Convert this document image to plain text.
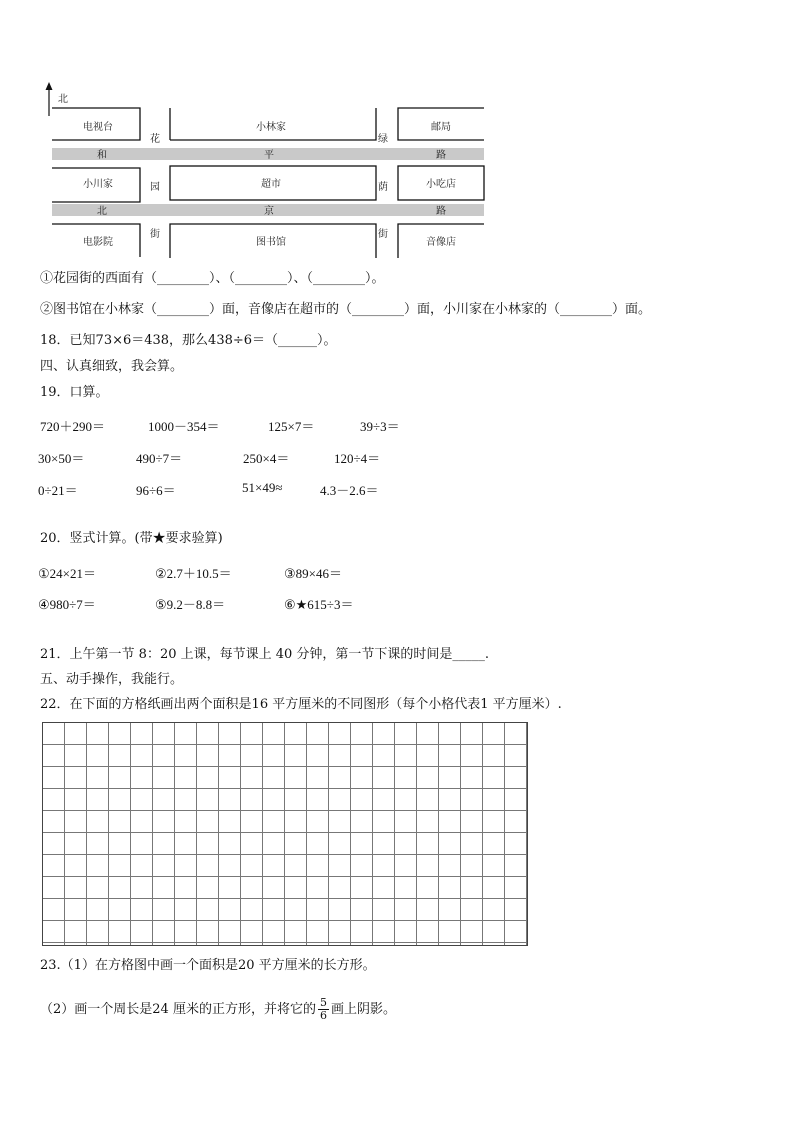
北
和	平	路
北	京	路
花
园
街
绿
荫
街
电视台	小林家	邮局
小川家	超市	小吃店
电影院	图书馆	音像店
①花园街的西面有（________）、（________）、（________）。
②图书馆在小林家（________）面，音像店在超市的（________）面，小川家在小林家的（________）面。
18．已知73×6＝438，那么438÷6＝（______）。
四、认真细致，我会算。
19．口算。
720＋290＝	1000－354＝	125×7＝	39÷3＝
30×50＝	490÷7＝	250×4＝	120÷4＝
0÷21＝	96÷6＝	51×49≈	4.3－2.6＝
20．竖式计算。(带★要求验算)
①24×21＝	②2.7＋10.5＝	③89×46＝
④980÷7＝	⑤9.2－8.8＝	⑥★615÷3＝
21．上午第一节 8：20 上课，每节课上 40 分钟，第一节下课的时间是_____.
五、动手操作，我能行。
22．在下面的方格纸画出两个面积是16 平方厘米的不同图形（每个小格代表1 平方厘米）.
23.（1）在方格图中画一个面积是20 平方厘米的长方形。
（2）画一个周长是24 厘米的正方形，并将它的 $\frac{5}{6}$ 画上阴影。
